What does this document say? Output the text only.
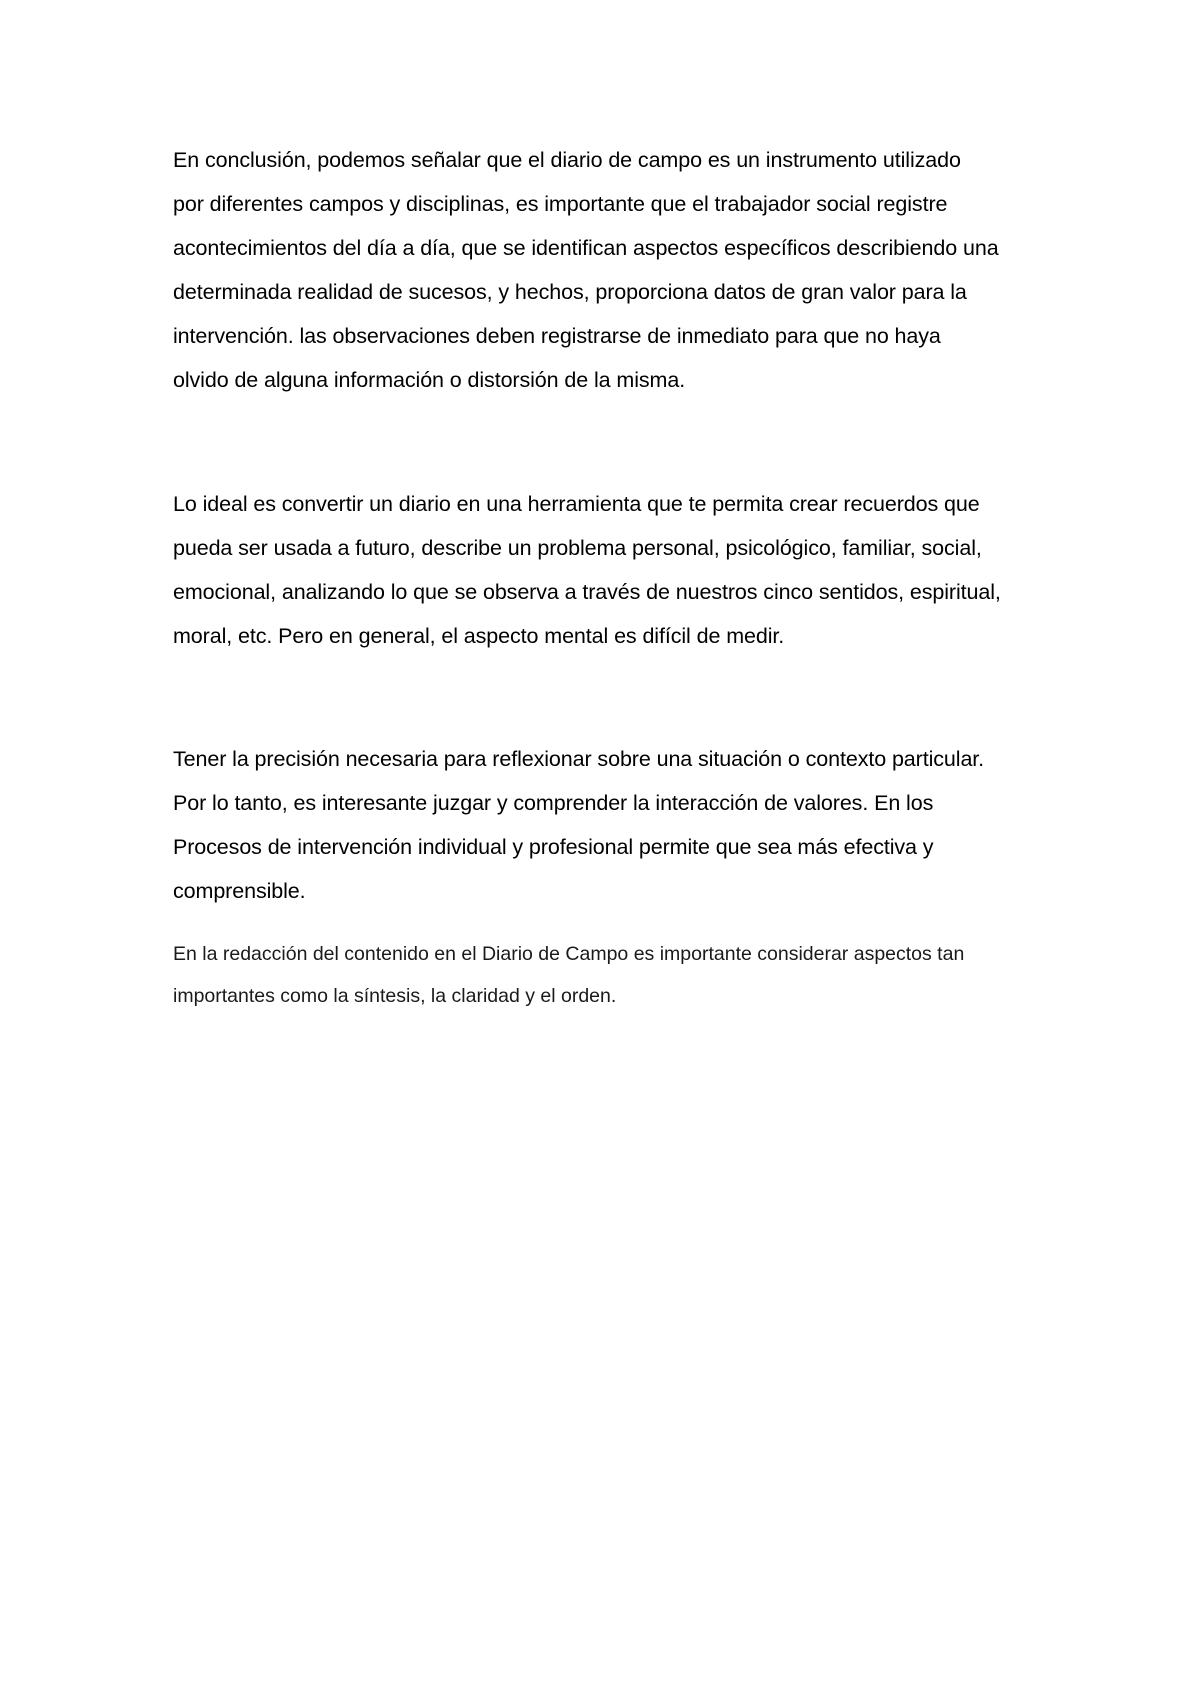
En conclusión, podemos señalar que el diario de campo es un instrumento utilizado
por diferentes campos y disciplinas, es importante que el trabajador social registre
acontecimientos del día a día, que se identifican aspectos específicos describiendo una
determinada realidad de sucesos, y hechos, proporciona datos de gran valor para la
intervención. las observaciones deben registrarse de inmediato para que no haya
olvido de alguna información o distorsión de la misma.

Lo ideal es convertir un diario en una herramienta que te permita crear recuerdos que
pueda ser usada a futuro, describe un problema personal, psicológico, familiar, social,
emocional, analizando lo que se observa a través de nuestros cinco sentidos, espiritual,
moral, etc. Pero en general, el aspecto mental es difícil de medir.

Tener la precisión necesaria para reflexionar sobre una situación o contexto particular.
Por lo tanto, es interesante juzgar y comprender la interacción de valores. En los
Procesos de intervención individual y profesional permite que sea más efectiva y
comprensible.

En la redacción del contenido en el Diario de Campo es importante considerar aspectos tan
importantes como la síntesis, la claridad y el orden.
